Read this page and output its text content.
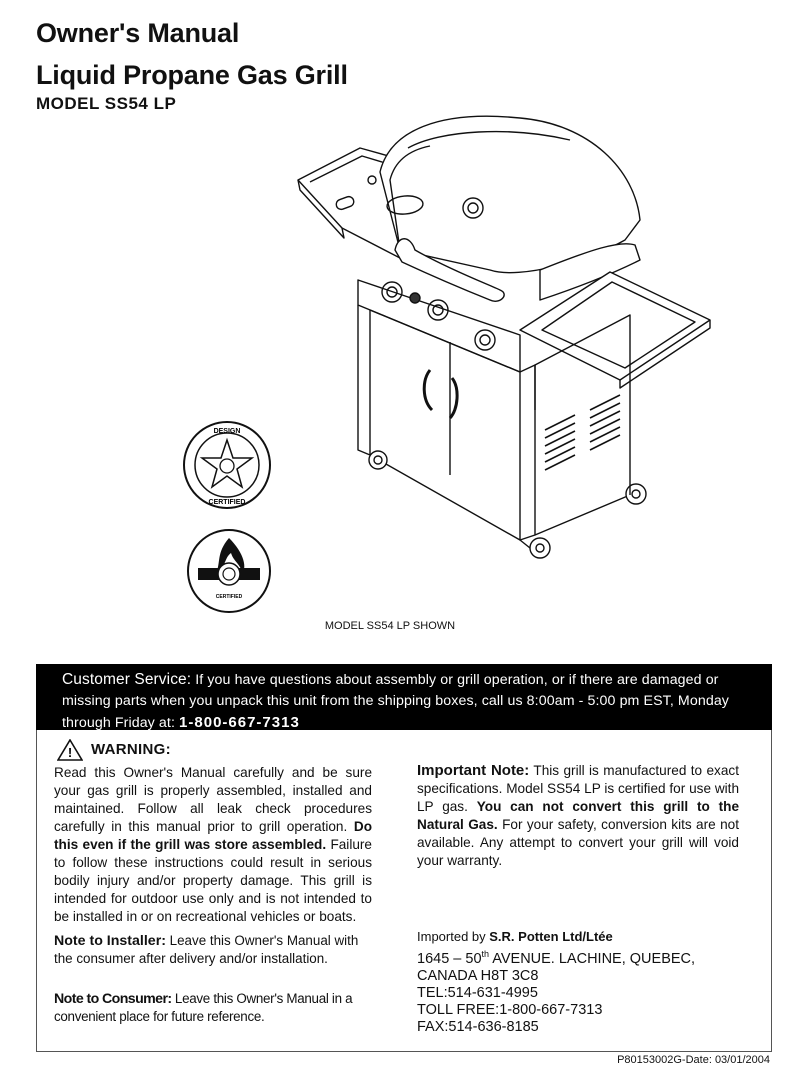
Owner's Manual
Liquid Propane Gas Grill
MODEL SS54 LP
DESIGN
CERTIFIED
CERTIFIED
MODEL SS54 LP SHOWN
Customer Service: If you have questions about assembly or grill operation, or if there are damaged or missing parts when you unpack this unit from the shipping boxes, call us 8:00am - 5:00 pm EST, Monday through Friday at: 1-800-667-7313
! WARNING:
Read this Owner's Manual carefully and be sure your gas grill is properly assembled, installed and maintained. Follow all leak check procedures carefully in this manual prior to grill operation. Do this even if the grill was store assembled. Failure to follow these instructions could result in serious bodily injury and/or property damage. This grill is intended for outdoor use only and is not intended to be installed in or on recreational vehicles or boats.
Note to Installer: Leave this Owner's Manual with the consumer after delivery and/or installation.
Note to Consumer: Leave this Owner's Manual in a convenient place for future reference.
Important Note: This grill is manufactured to exact specifications. Model SS54 LP is certified for use with LP gas. You can not convert this grill to the Natural Gas. For your safety, conversion kits are not available. Any attempt to convert your grill will void your warranty.
Imported by S.R. Potten Ltd/Ltée
1645 – 50th AVENUE. LACHINE, QUEBEC,
CANADA H8T 3C8
TEL:514-631-4995
TOLL FREE:1-800-667-7313
FAX:514-636-8185
P80153002G-Date: 03/01/2004
